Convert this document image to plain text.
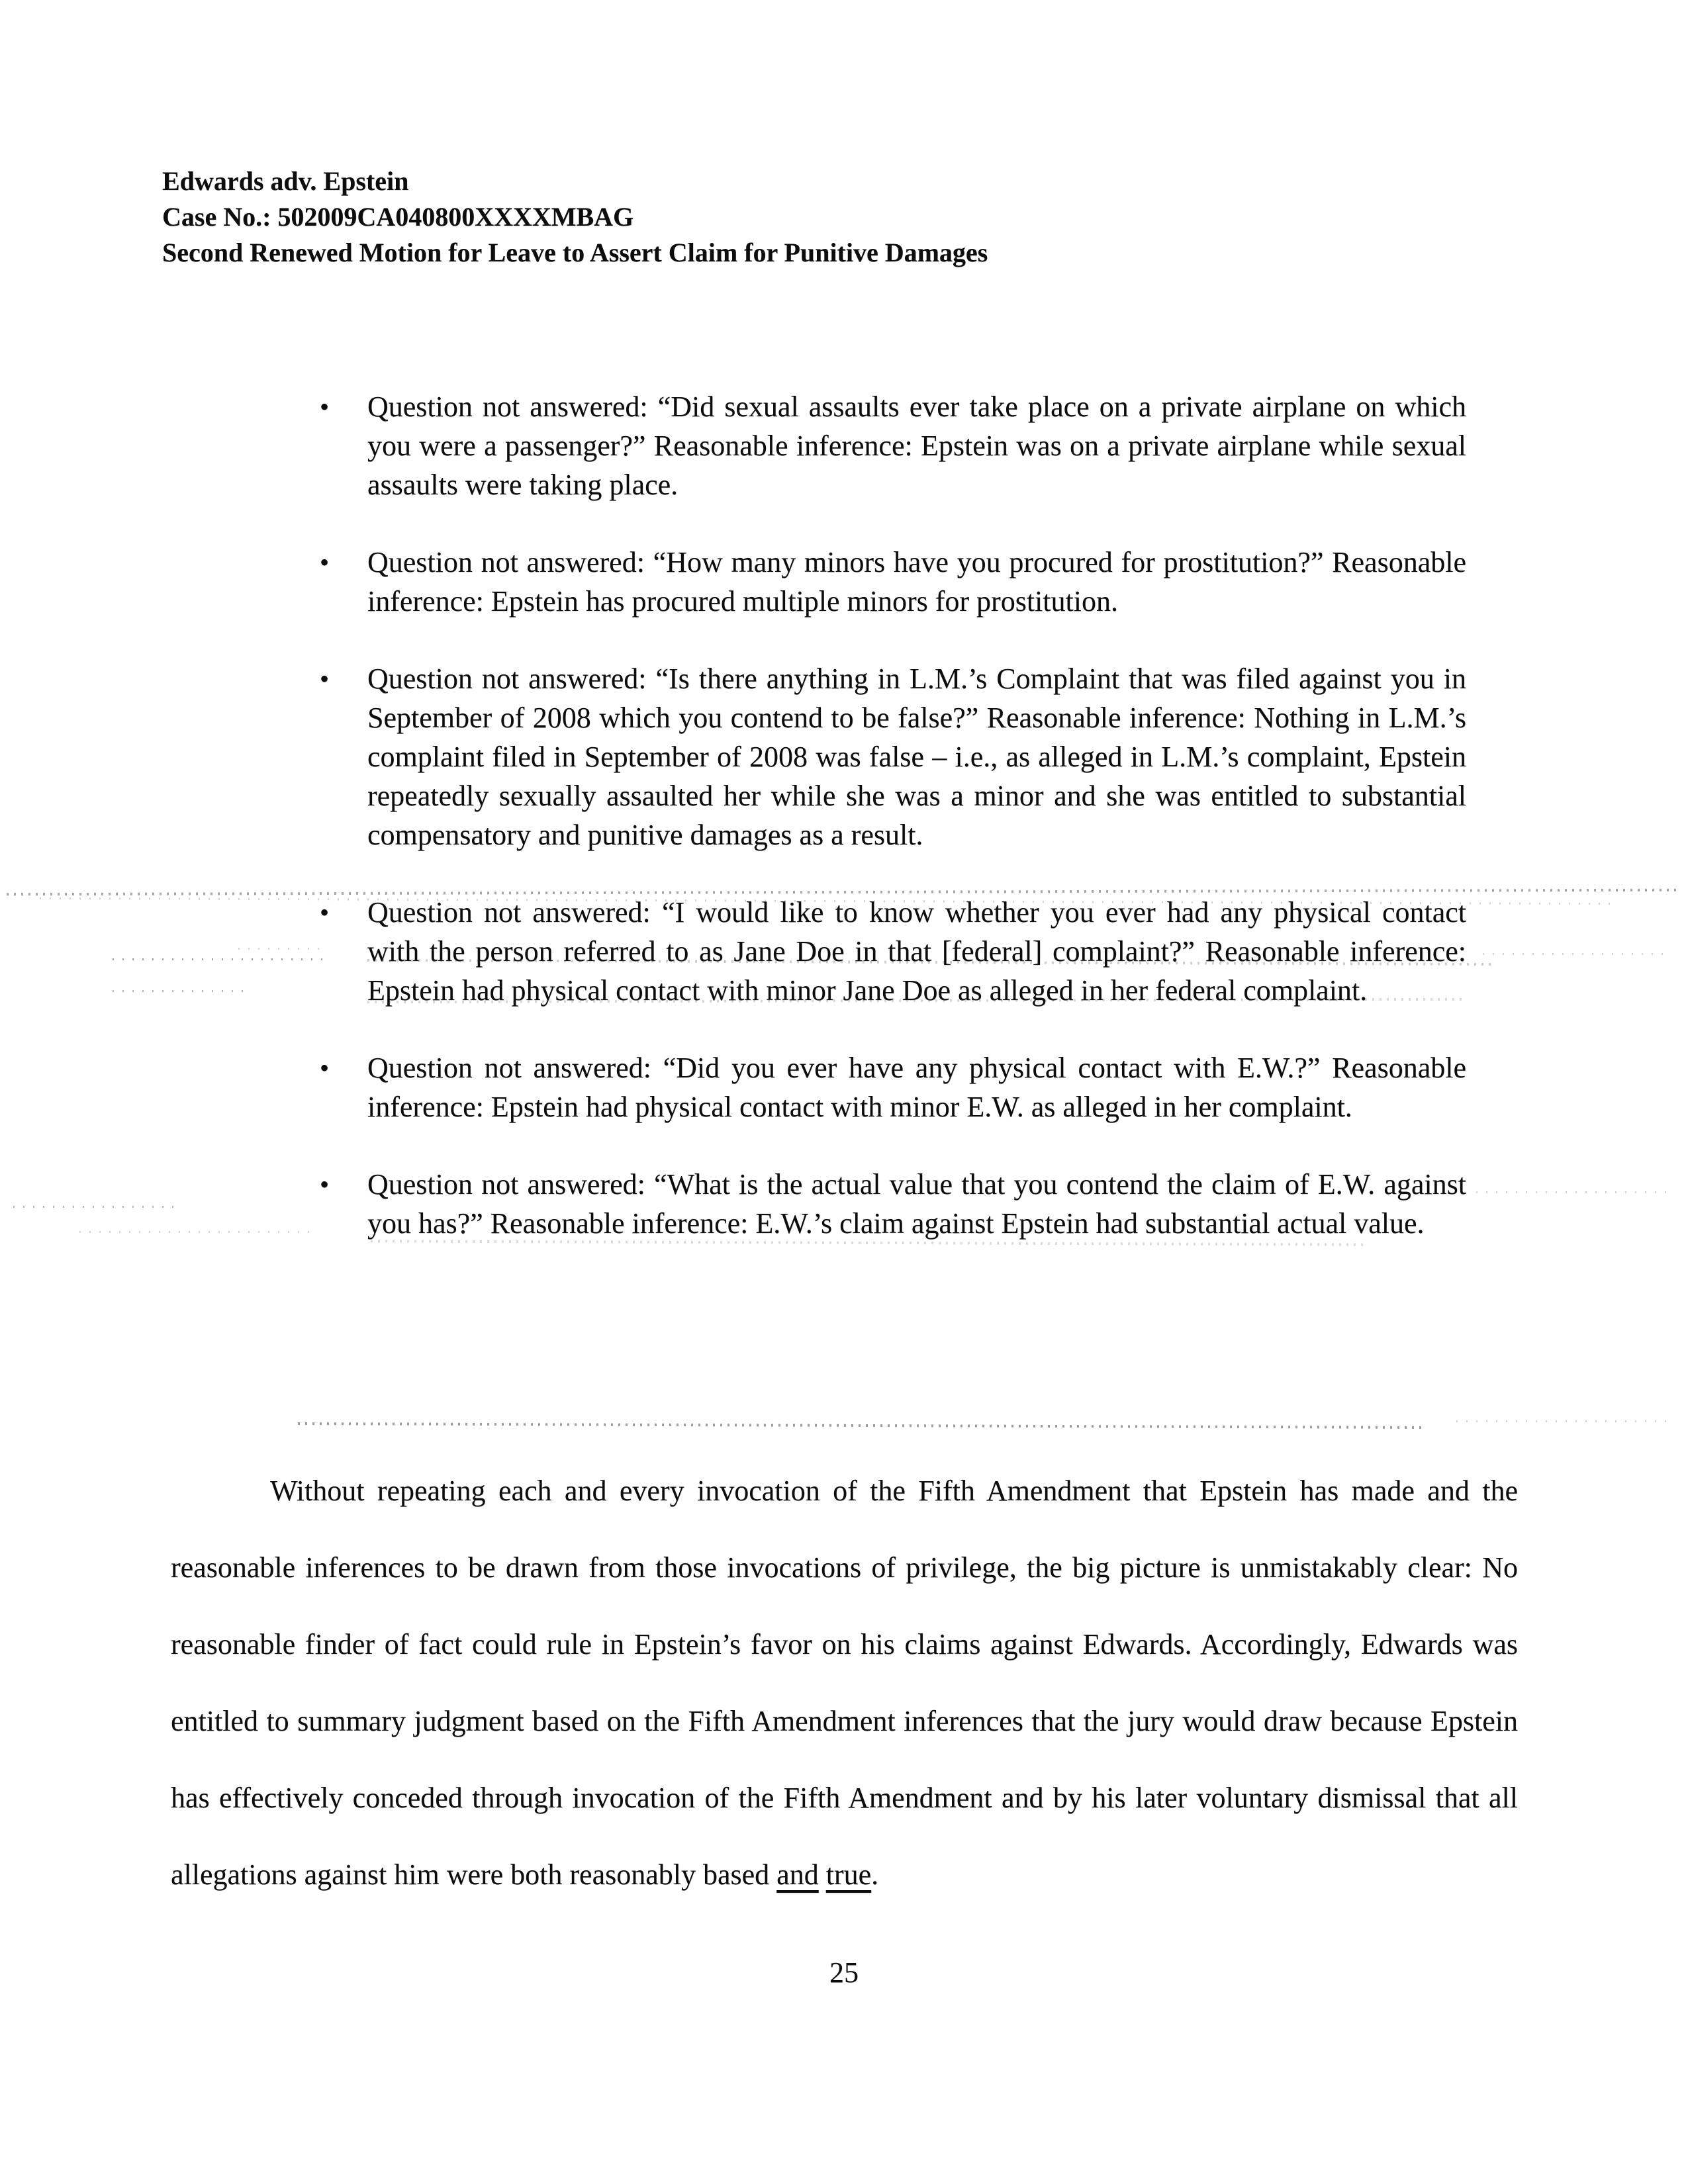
Edwards adv. Epstein
Case No.: 502009CA040800XXXXMBAG
Second Renewed Motion for Leave to Assert Claim for Punitive Damages
• Question not answered: “Did sexual assaults ever take place on a private airplane on which you were a passenger?” Reasonable inference: Epstein was on a private airplane while sexual assaults were taking place.
• Question not answered: “How many minors have you procured for prostitution?” Reasonable inference: Epstein has procured multiple minors for prostitution.
• Question not answered: “Is there anything in L.M.’s Complaint that was filed against you in September of 2008 which you contend to be false?” Reasonable inference: Nothing in L.M.’s complaint filed in September of 2008 was false – i.e., as alleged in L.M.’s complaint, Epstein repeatedly sexually assaulted her while she was a minor and she was entitled to substantial compensatory and punitive damages as a result.
• Question not answered: “I would like to know whether you ever had any physical contact with the person referred to as Jane Doe in that [federal] complaint?” Reasonable inference: Epstein had physical contact with minor Jane Doe as alleged in her federal complaint.
• Question not answered: “Did you ever have any physical contact with E.W.?” Reasonable inference: Epstein had physical contact with minor E.W. as alleged in her complaint.
• Question not answered: “What is the actual value that you contend the claim of E.W. against you has?” Reasonable inference: E.W.’s claim against Epstein had substantial actual value.
Without repeating each and every invocation of the Fifth Amendment that Epstein has made and the reasonable inferences to be drawn from those invocations of privilege, the big picture is unmistakably clear: No reasonable finder of fact could rule in Epstein’s favor on his claims against Edwards. Accordingly, Edwards was entitled to summary judgment based on the Fifth Amendment inferences that the jury would draw because Epstein has effectively conceded through invocation of the Fifth Amendment and by his later voluntary dismissal that all allegations against him were both reasonably based and true.
25
